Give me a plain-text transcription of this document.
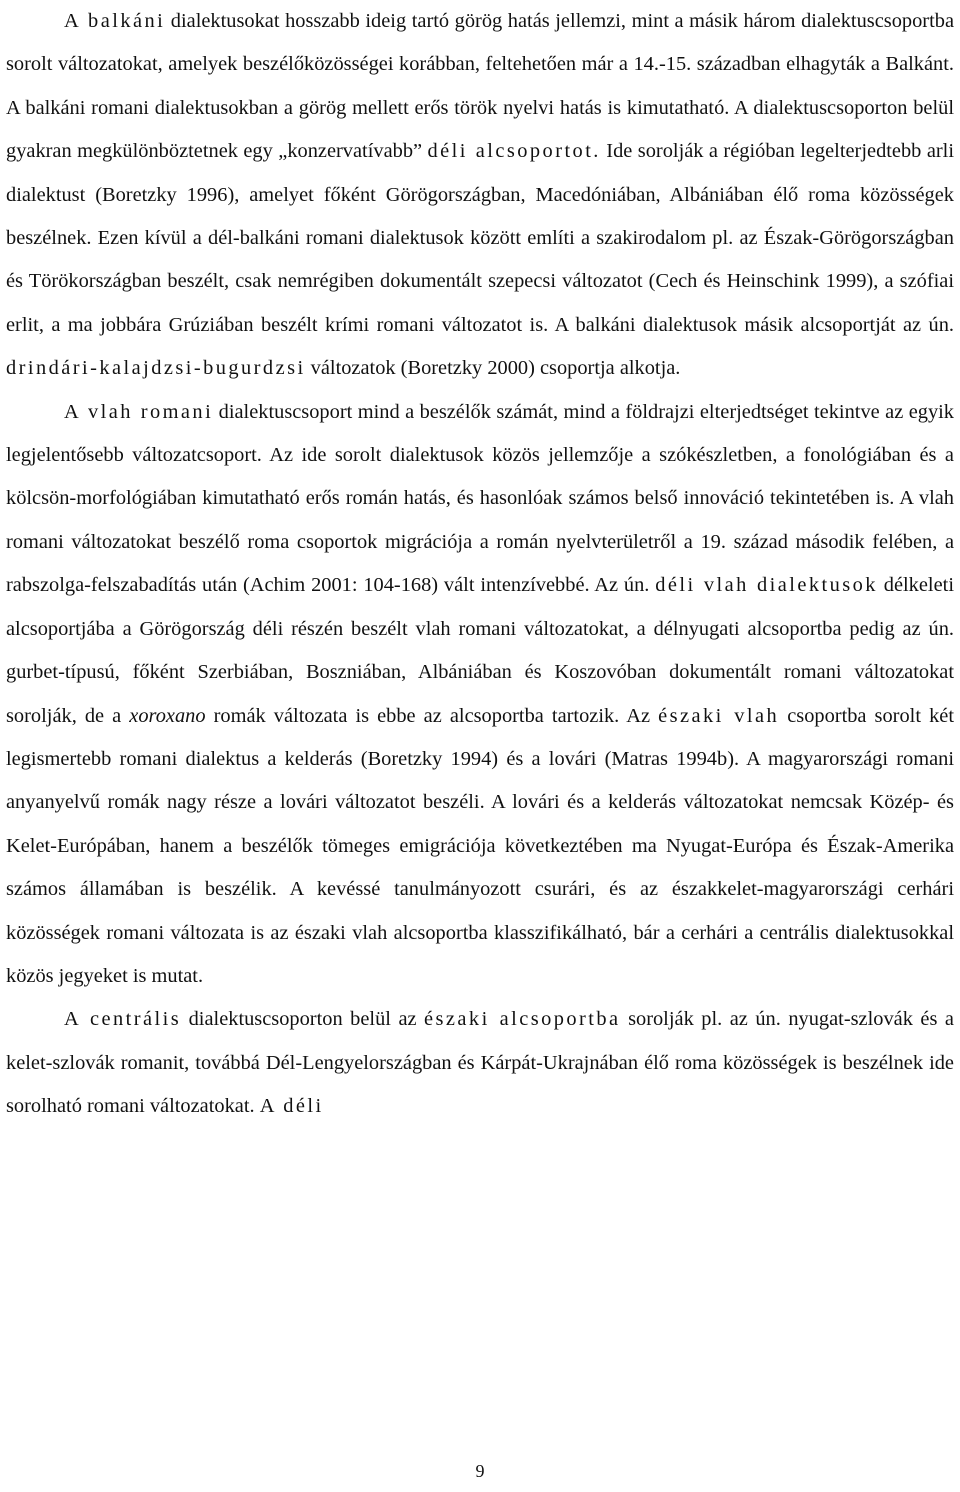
A balkáni dialektusokat hosszabb ideig tartó görög hatás jellemzi, mint a másik három dialektuscsoportba sorolt változatokat, amelyek beszélőközösségei korábban, feltehetően már a 14.-15. században elhagyták a Balkánt. A balkáni romani dialektusokban a görög mellett erős török nyelvi hatás is kimutatható. A dialektuscsoporton belül gyakran megkülönböztetnek egy „konzervatívabb” déli alcsoportot. Ide sorolják a régióban legelterjedtebb arli dialektust (Boretzky 1996), amelyet főként Görögországban, Macedóniában, Albániában élő roma közösségek beszélnek. Ezen kívül a dél-balkáni romani dialektusok között említi a szakirodalom pl. az Észak-Görögországban és Törökországban beszélt, csak nemrégiben dokumentált szepecsi változatot (Cech és Heinschink 1999), a szófiai erlit, a ma jobbára Grúziában beszélt krími romani változatot is. A balkáni dialektusok másik alcsoportját az ún. drindári-kalajdzsi-bugurdzsi változatok (Boretzky 2000) csoportja alkotja.

A vlah romani dialektuscsoport mind a beszélők számát, mind a földrajzi elterjedtséget tekintve az egyik legjelentősebb változatcsoport. Az ide sorolt dialektusok közös jellemzője a szókészletben, a fonológiában és a kölcsön-morfológiában kimutatható erős román hatás, és hasonlóak számos belső innováció tekintetében is. A vlah romani változatokat beszélő roma csoportok migrációja a román nyelvterületről a 19. század második felében, a rabszolga-felszabadítás után (Achim 2001: 104-168) vált intenzívebbé. Az ún. déli vlah dialektusok délkeleti alcsoportjába a Görögország déli részén beszélt vlah romani változatokat, a délnyugati alcsoportba pedig az ún. gurbet-típusú, főként Szerbiában, Boszniában, Albániában és Koszovóban dokumentált romani változatokat sorolják, de a xoroxano romák változata is ebbe az alcsoportba tartozik. Az északi vlah csoportba sorolt két legismertebb romani dialektus a kelderás (Boretzky 1994) és a lovári (Matras 1994b). A magyarországi romani anyanyelvű romák nagy része a lovári változatot beszéli. A lovári és a kelderás változatokat nemcsak Közép- és Kelet-Európában, hanem a beszélők tömeges emigrációja következtében ma Nyugat-Európa és Észak-Amerika számos államában is beszélik. A kevéssé tanulmányozott csurári, és az északkelet-magyarországi cerhári közösségek romani változata is az északi vlah alcsoportba klasszifikálható, bár a cerhári a centrális dialektusokkal közös jegyeket is mutat.

A centrális dialektuscsoporton belül az északi alcsoportba sorolják pl. az ún. nyugat-szlovák és a kelet-szlovák romanit, továbbá Dél-Lengyelországban és Kárpát-Ukrajnában élő roma közösségek is beszélnek ide sorolható romani változatokat. A déli

9
